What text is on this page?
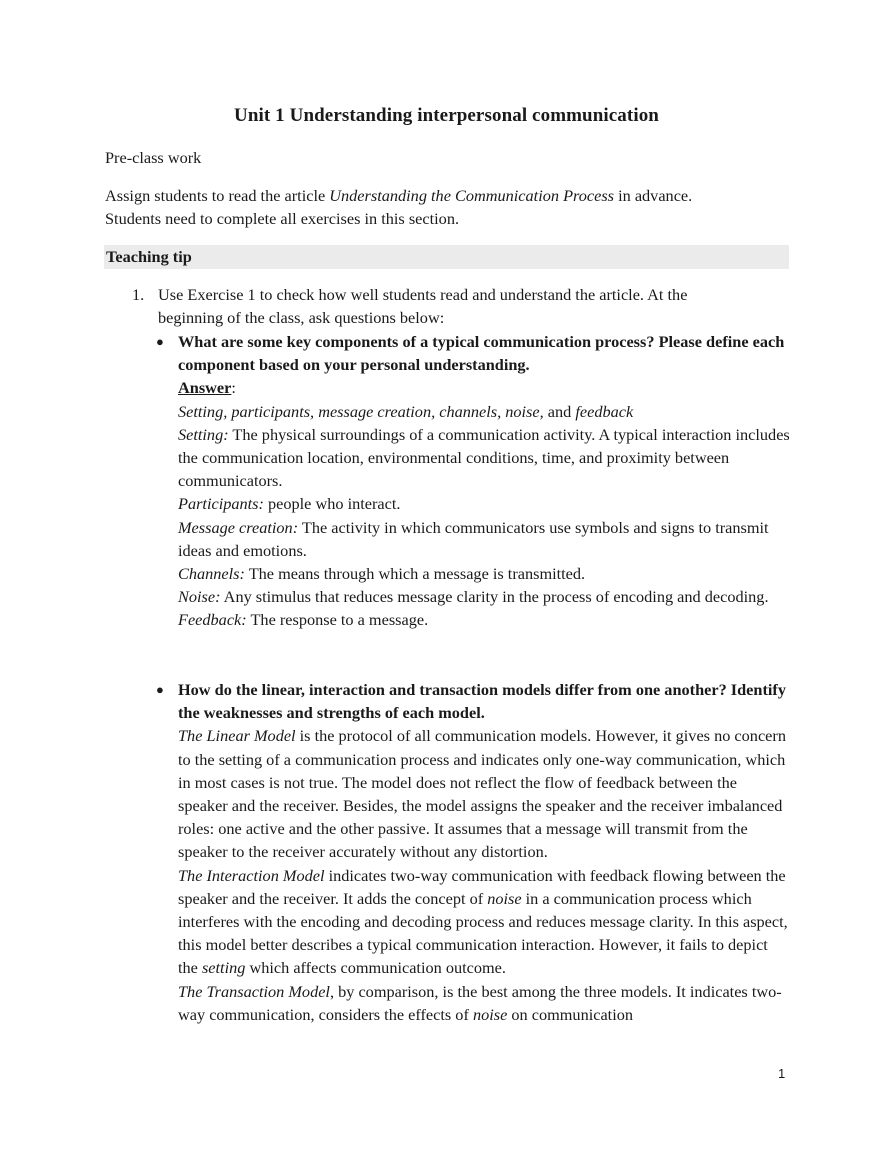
Unit 1 Understanding interpersonal communication
Pre-class work
Assign students to read the article Understanding the Communication Process in advance.
Students need to complete all exercises in this section.
Teaching tip
1. Use Exercise 1 to check how well students read and understand the article. At the
beginning of the class, ask questions below:
● What are some key components of a typical communication process? Please define each component based on your personal understanding.
Answer:
Setting, participants, message creation, channels, noise, and feedback
Setting: The physical surroundings of a communication activity. A typical interaction includes the communication location, environmental conditions, time, and proximity between communicators.
Participants: people who interact.
Message creation: The activity in which communicators use symbols and signs to transmit ideas and emotions.
Channels: The means through which a message is transmitted.
Noise: Any stimulus that reduces message clarity in the process of encoding and decoding.
Feedback: The response to a message.
● How do the linear, interaction and transaction models differ from one another? Identify the weaknesses and strengths of each model.
The Linear Model is the protocol of all communication models. However, it gives no concern to the setting of a communication process and indicates only one-way communication, which in most cases is not true. The model does not reflect the flow of feedback between the speaker and the receiver. Besides, the model assigns the speaker and the receiver imbalanced roles: one active and the other passive. It assumes that a message will transmit from the speaker to the receiver accurately without any distortion.
The Interaction Model indicates two-way communication with feedback flowing between the speaker and the receiver. It adds the concept of noise in a communication process which interferes with the encoding and decoding process and reduces message clarity. In this aspect, this model better describes a typical communication interaction. However, it fails to depict the setting which affects communication outcome.
The Transaction Model, by comparison, is the best among the three models. It indicates two-way communication, considers the effects of noise on communication
1
